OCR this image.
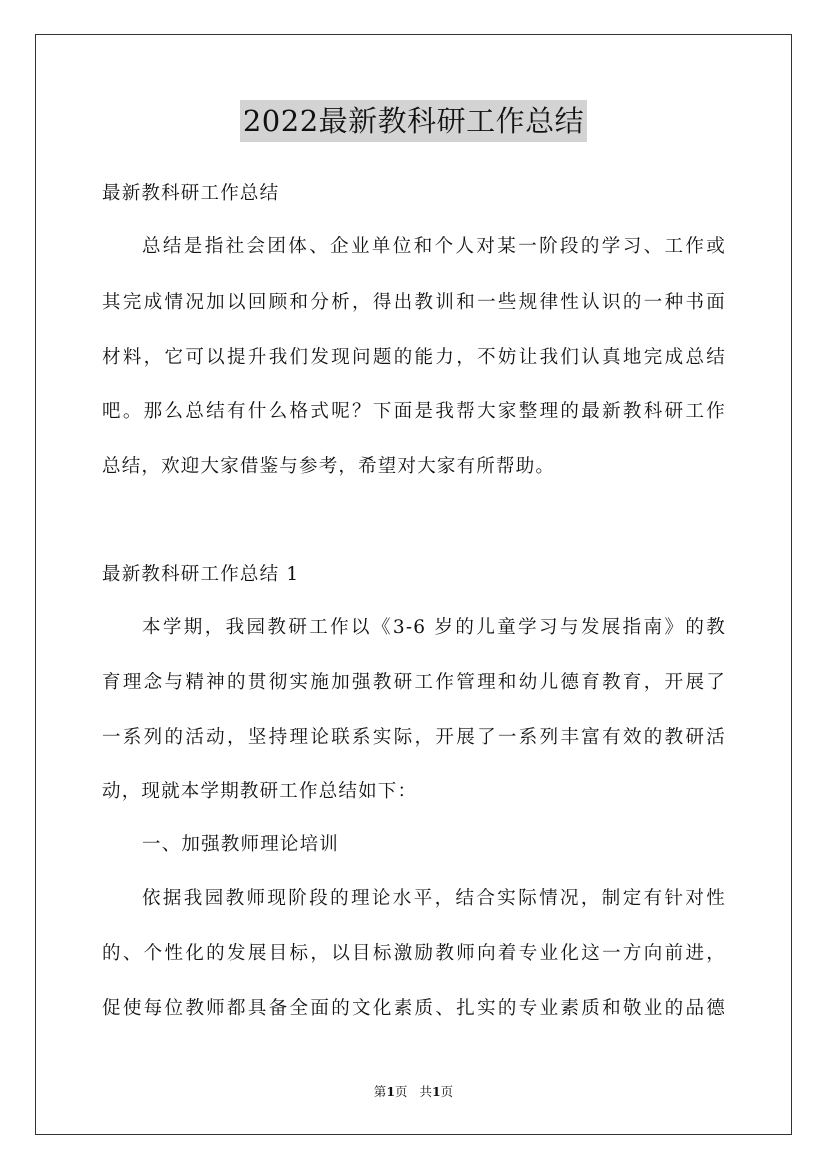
2022最新教科研工作总结
最新教科研工作总结
总结是指社会团体、企业单位和个人对某一阶段的学习、工作或
其完成情况加以回顾和分析，得出教训和一些规律性认识的一种书面
材料，它可以提升我们发现问题的能力，不妨让我们认真地完成总结
吧。那么总结有什么格式呢？下面是我帮大家整理的最新教科研工作
总结，欢迎大家借鉴与参考，希望对大家有所帮助。
最新教科研工作总结 1
本学期，我园教研工作以《3-6 岁的儿童学习与发展指南》的教
育理念与精神的贯彻实施加强教研工作管理和幼儿德育教育，开展了
一系列的活动，坚持理论联系实际，开展了一系列丰富有效的教研活
动，现就本学期教研工作总结如下：
一、加强教师理论培训
依据我园教师现阶段的理论水平，结合实际情况，制定有针对性
的、个性化的发展目标，以目标激励教师向着专业化这一方向前进，
促使每位教师都具备全面的文化素质、扎实的专业素质和敬业的品德
第1页 共1页
